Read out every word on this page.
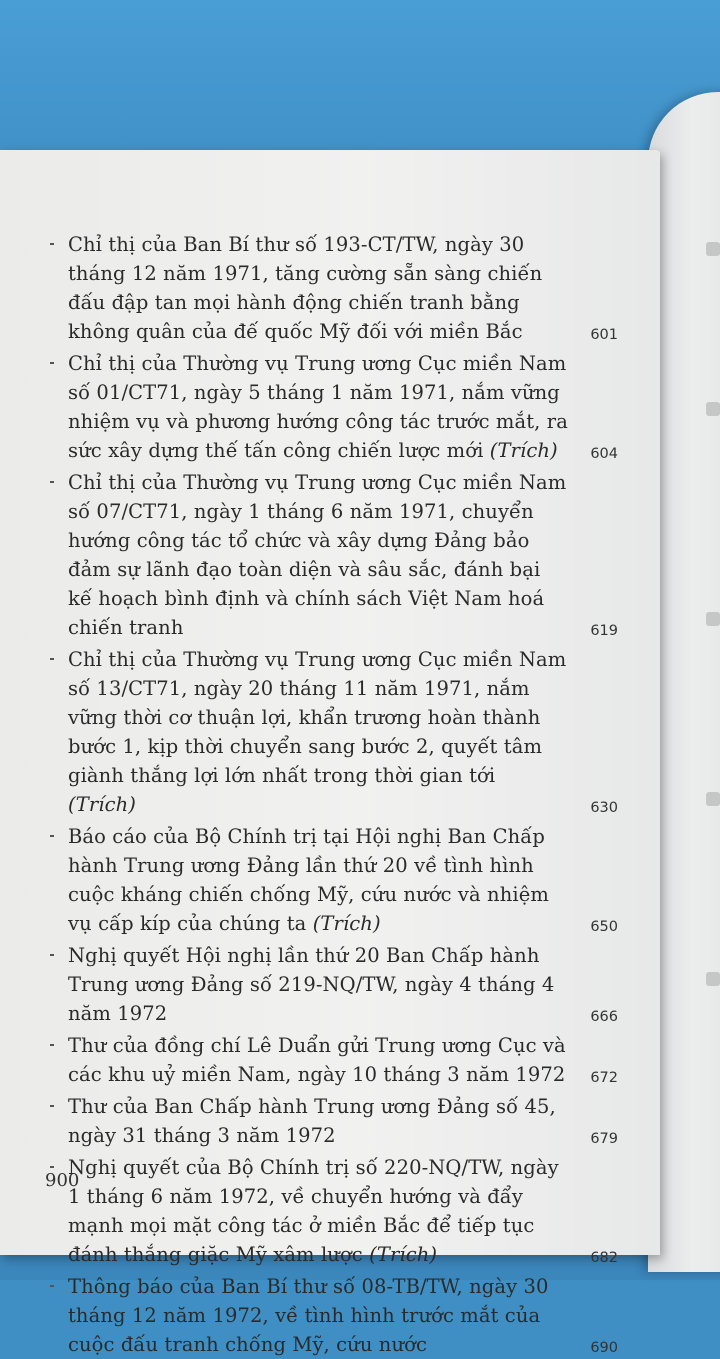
Chỉ thị của Ban Bí thư số 193-CT/TW, ngày 30 tháng 12 năm 1971, tăng cường sẵn sàng chiến đấu đập tan mọi hành động chiến tranh bằng không quân của đế quốc Mỹ đối với miền Bắc	601
Chỉ thị của Thường vụ Trung ương Cục miền Nam số 01/CT71, ngày 5 tháng 1 năm 1971, nắm vững nhiệm vụ và phương hướng công tác trước mắt, ra sức xây dựng thế tấn công chiến lược mới (Trích)	604
Chỉ thị của Thường vụ Trung ương Cục miền Nam số 07/CT71, ngày 1 tháng 6 năm 1971, chuyển hướng công tác tổ chức và xây dựng Đảng bảo đảm sự lãnh đạo toàn diện và sâu sắc, đánh bại kế hoạch bình định và chính sách Việt Nam hoá chiến tranh	619
Chỉ thị của Thường vụ Trung ương Cục miền Nam số 13/CT71, ngày 20 tháng 11 năm 1971, nắm vững thời cơ thuận lợi, khẩn trương hoàn thành bước 1, kịp thời chuyển sang bước 2, quyết tâm giành thắng lợi lớn nhất trong thời gian tới (Trích)	630
Báo cáo của Bộ Chính trị tại Hội nghị Ban Chấp hành Trung ương Đảng lần thứ 20 về tình hình cuộc kháng chiến chống Mỹ, cứu nước và nhiệm vụ cấp kíp của chúng ta (Trích)	650
Nghị quyết Hội nghị lần thứ 20 Ban Chấp hành Trung ương Đảng số 219-NQ/TW, ngày 4 tháng 4 năm 1972	666
Thư của đồng chí Lê Duẩn gửi Trung ương Cục và các khu uỷ miền Nam, ngày 10 tháng 3 năm 1972 672
Thư của Ban Chấp hành Trung ương Đảng số 45, ngày 31 tháng 3 năm 1972	679
Nghị quyết của Bộ Chính trị số 220-NQ/TW, ngày 1 tháng 6 năm 1972, về chuyển hướng và đẩy mạnh mọi mặt công tác ở miền Bắc để tiếp tục đánh thắng giặc Mỹ xâm lược (Trích)	682
Thông báo của Ban Bí thư số 08-TB/TW, ngày 30 tháng 12 năm 1972, về tình hình trước mắt của cuộc đấu tranh chống Mỹ, cứu nước	690
900
